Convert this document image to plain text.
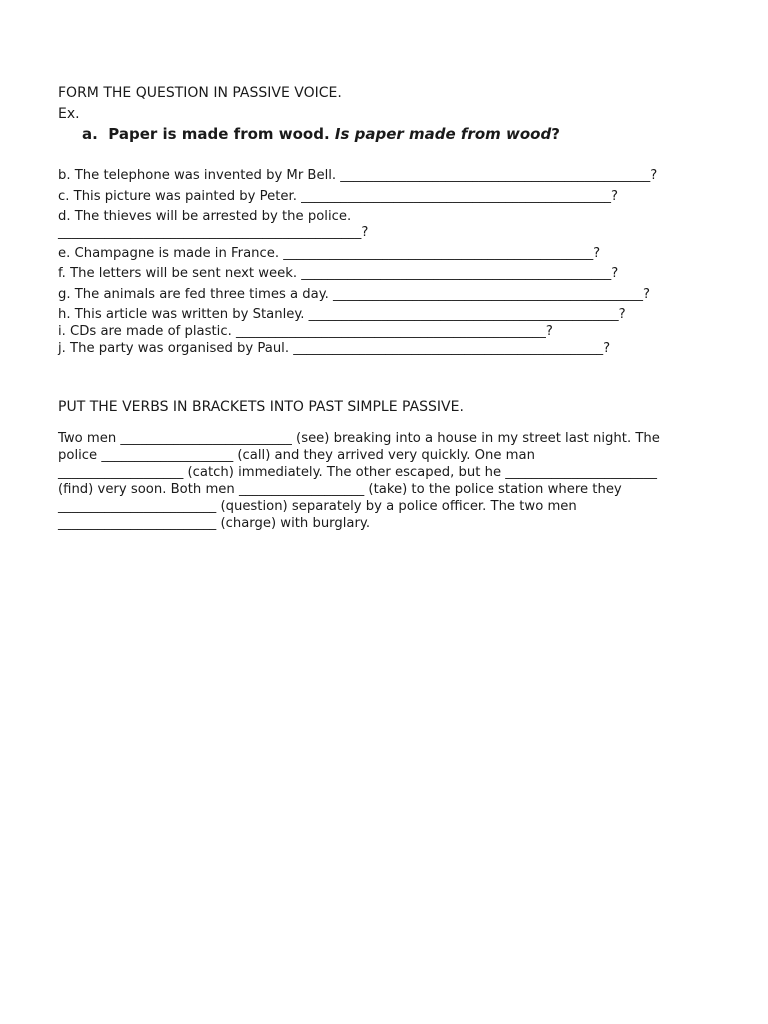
FORM THE QUESTION IN PASSIVE VOICE.
Ex.
a.  Paper is made from wood. Is paper made from wood?
b. The telephone was invented by Mr Bell. _______________________________________________?
c. This picture was painted by Peter. _______________________________________________?
d. The thieves will be arrested by the police.
______________________________________________?
e. Champagne is made in France. _______________________________________________?
f. The letters will be sent next week. _______________________________________________?
g. The animals are fed three times a day. _______________________________________________?
h. This article was written by Stanley. _______________________________________________?
i. CDs are made of plastic. _______________________________________________?
j. The party was organised by Paul. _______________________________________________?
PUT THE VERBS IN BRACKETS INTO PAST SIMPLE PASSIVE.
Two men __________________________ (see) breaking into a house in my street last night. The
police ____________________ (call) and they arrived very quickly. One man
___________________ (catch) immediately. The other escaped, but he _______________________
(find) very soon. Both men ___________________ (take) to the police station where they
________________________ (question) separately by a police officer. The two men
________________________ (charge) with burglary.
